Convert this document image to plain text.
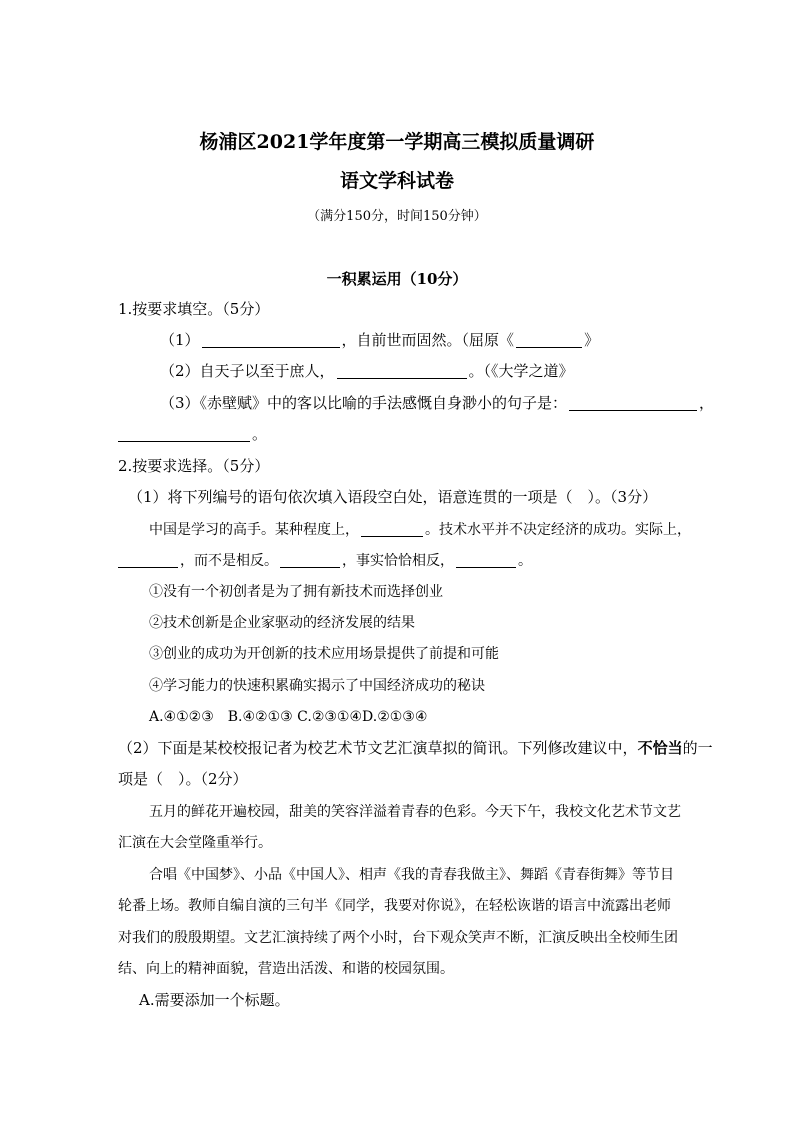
杨浦区2021学年度第一学期高三模拟质量调研
语文学科试卷
（满分150分，时间150分钟）
一积累运用（10分）
1.按要求填空。（5分）
（1）	，自前世而固然。（屈原《	》
（2）自天子以至于庶人，	。（《大学之道》
（3）《赤壁赋》中的客以比喻的手法感慨自身渺小的句子是：	，
。
2.按要求选择。（5分）
（1）将下列编号的语句依次填入语段空白处，语意连贯的一项是（　）。（3分）
中国是学习的高手。某种程度上，	。技术水平并不决定经济的成功。实际上，
，而不是相反。	，事实恰恰相反，	。
①没有一个初创者是为了拥有新技术而选择创业
②技术创新是企业家驱动的经济发展的结果
③创业的成功为开创新的技术应用场景提供了前提和可能
④学习能力的快速积累确实揭示了中国经济成功的秘诀
A.④①②③　B.④②①③ C.②③①④D.②①③④
（2）下面是某校校报记者为校艺术节文艺汇演草拟的简讯。下列修改建议中，不恰当的一
项是（　）。（2分）
五月的鲜花开遍校园，甜美的笑容洋溢着青春的色彩。今天下午，我校文化艺术节文艺
汇演在大会堂隆重举行。
合唱《中国梦》、小品《中国人》、相声《我的青春我做主》、舞蹈《青春街舞》等节目
轮番上场。教师自编自演的三句半《同学，我要对你说》，在轻松诙谐的语言中流露出老师
对我们的殷殷期望。文艺汇演持续了两个小时，台下观众笑声不断，汇演反映出全校师生团
结、向上的精神面貌，营造出活泼、和谐的校园氛围。
A.需要添加一个标题。
